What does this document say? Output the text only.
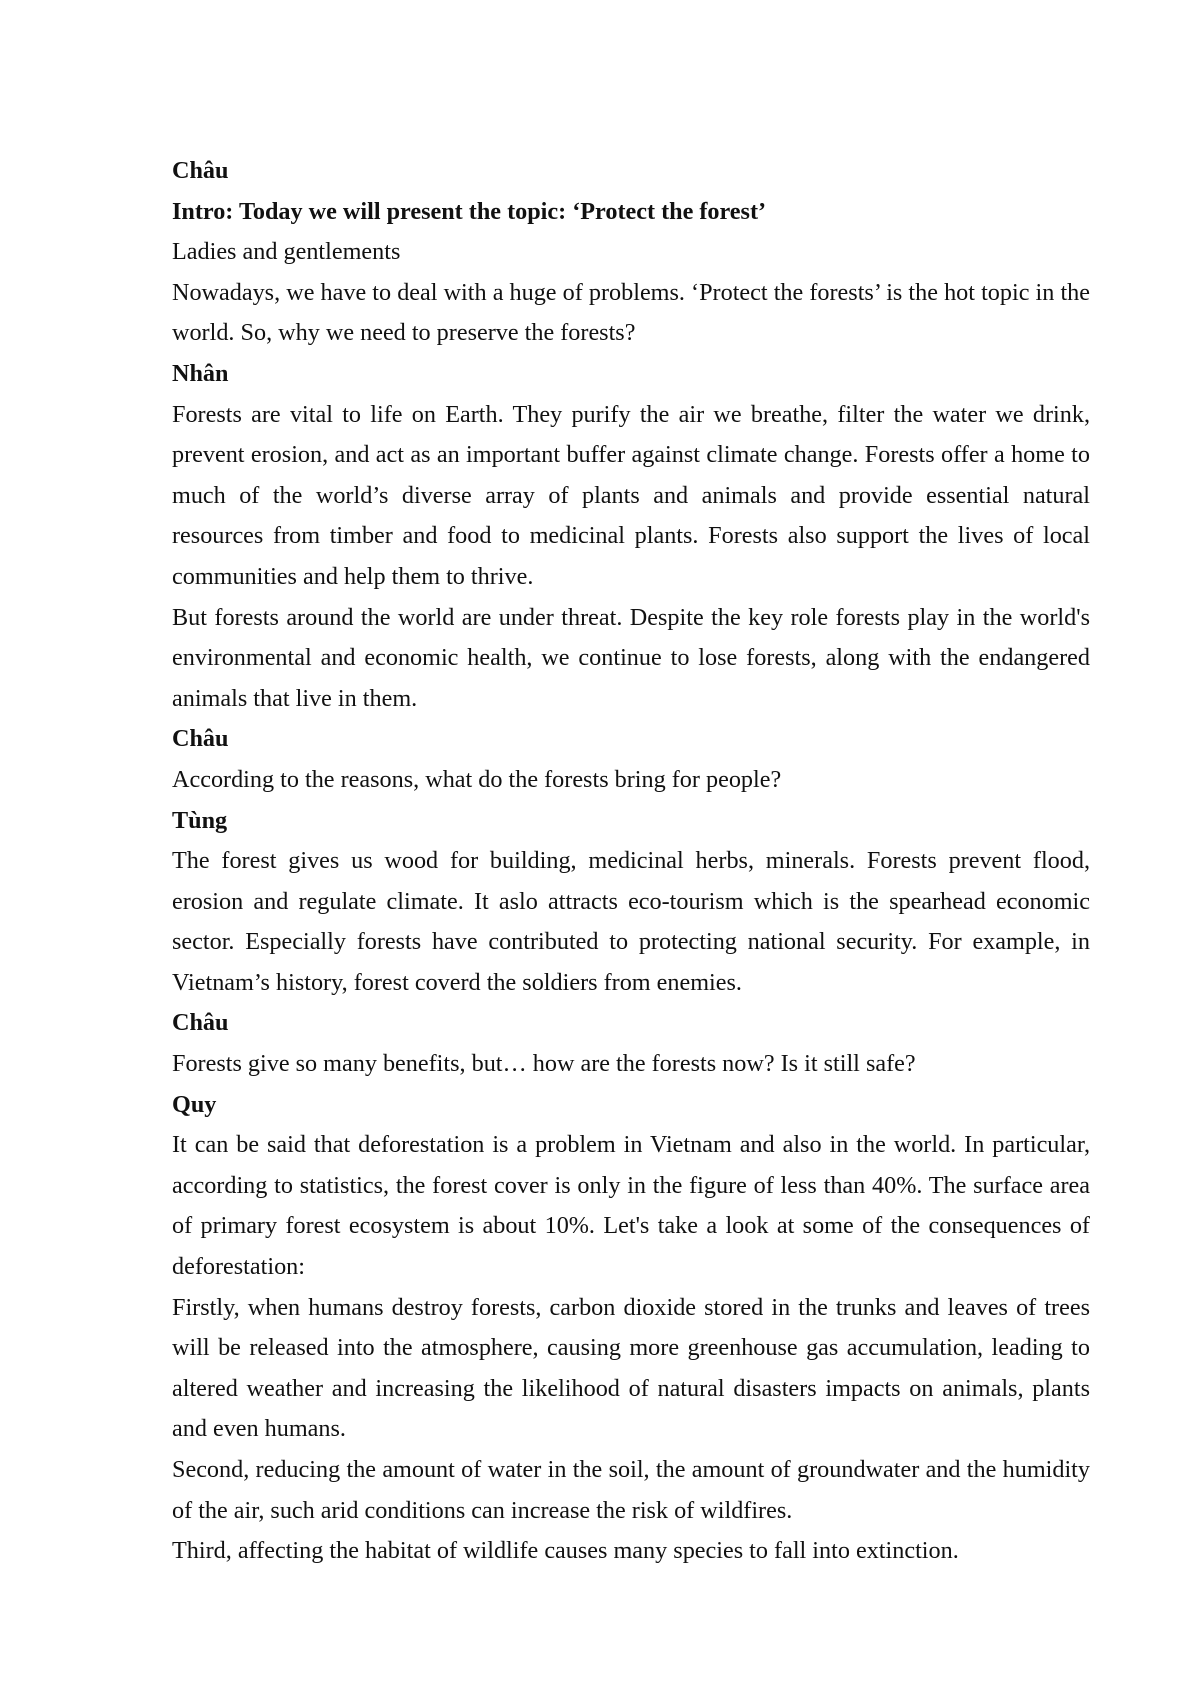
Châu

Intro: Today we will present the topic: ‘Protect the forest’

Ladies and gentlements

Nowadays, we have to deal with a huge of problems. ‘Protect the forests’ is the hot topic in the world. So, why we need to preserve the forests?

Nhân

Forests are vital to life on Earth. They purify the air we breathe, filter the water we drink, prevent erosion, and act as an important buffer against climate change. Forests offer a home to much of the world’s diverse array of plants and animals and provide essential natural resources from timber and food to medicinal plants. Forests also support the lives of local communities and help them to thrive.

But forests around the world are under threat. Despite the key role forests play in the world's environmental and economic health, we continue to lose forests, along with the endangered animals that live in them.

Châu

According to the reasons, what do the forests bring for people?

Tùng

The forest gives us wood for building, medicinal herbs, minerals. Forests prevent flood, erosion and regulate climate. It aslo attracts eco-tourism which is the spearhead economic sector. Especially forests have contributed to protecting national security. For example, in Vietnam’s history, forest coverd the soldiers from enemies.

Châu

Forests give so many benefits, but… how are the forests now? Is it still safe?

Quy

It can be said that deforestation is a problem in Vietnam and also in the world. In particular, according to statistics, the forest cover is only in the figure of less than 40%. The surface area of primary forest ecosystem is about 10%. Let's take a look at some of the consequences of deforestation:

Firstly, when humans destroy forests, carbon dioxide stored in the trunks and leaves of trees will be released into the atmosphere, causing more greenhouse gas accumulation, leading to altered weather and increasing the likelihood of natural disasters impacts on animals, plants and even humans.

Second, reducing the amount of water in the soil, the amount of groundwater and the humidity of the air, such arid conditions can increase the risk of wildfires.

Third, affecting the habitat of wildlife causes many species to fall into extinction.
